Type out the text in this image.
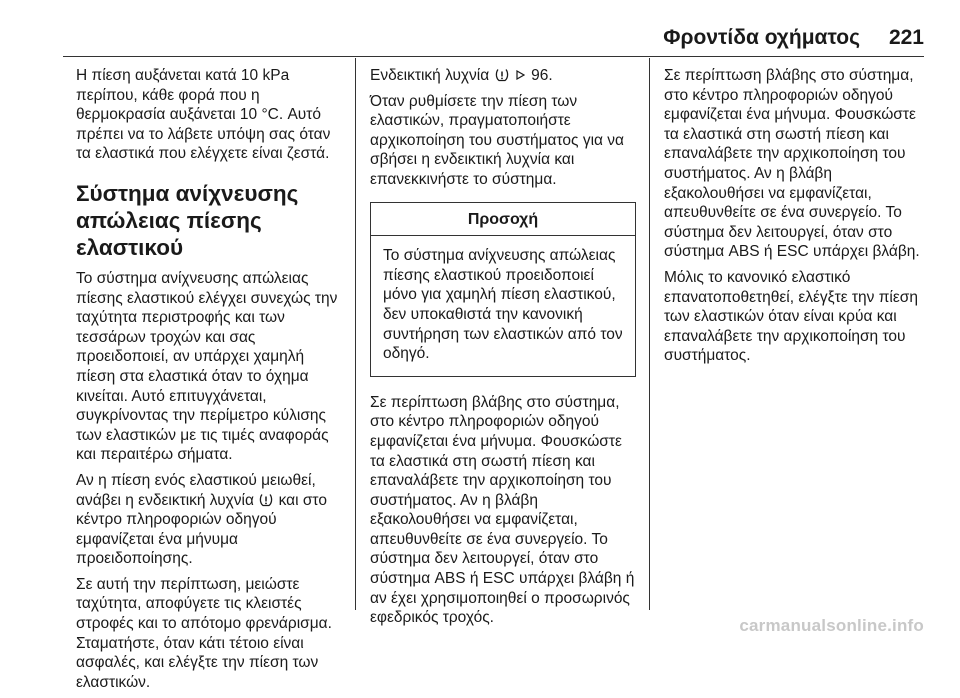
Φροντίδα οχήματος 221

Η πίεση αυξάνεται κατά 10 kPa περίπου, κάθε φορά που η θερμοκρασία αυξάνεται 10 °C. Αυτό πρέπει να το λάβετε υπόψη σας όταν τα ελαστικά που ελέγχετε είναι ζεστά.

Σύστημα ανίχνευσης απώλειας πίεσης ελαστικού

Το σύστημα ανίχνευσης απώλειας πίεσης ελαστικού ελέγχει συνεχώς την ταχύτητα περιστροφής και των τεσσάρων τροχών και σας προειδοποιεί, αν υπάρχει χαμηλή πίεση στα ελαστικά όταν το όχημα κινείται. Αυτό επιτυγχάνεται, συγκρίνοντας την περίμετρο κύλισης των ελαστικών με τις τιμές αναφοράς και περαιτέρω σήματα.

Αν η πίεση ενός ελαστικού μειωθεί, ανάβει η ενδεικτική λυχνία και στο κέντρο πληροφοριών οδηγού εμφανίζεται ένα μήνυμα προειδοποίησης.

Σε αυτή την περίπτωση, μειώστε ταχύτητα, αποφύγετε τις κλειστές στροφές και το απότομο φρενάρισμα. Σταματήστε, όταν κάτι τέτοιο είναι ασφαλές, και ελέγξτε την πίεση των ελαστικών.

Ενδεικτική λυχνία	96.

Όταν ρυθμίσετε την πίεση των ελαστικών, πραγματοποιήστε αρχικοποίηση του συστήματος για να σβήσει η ενδεικτική λυχνία και επανεκκινήστε το σύστημα.

Προσοχή
Το σύστημα ανίχνευσης απώλειας πίεσης ελαστικού προειδοποιεί μόνο για χαμηλή πίεση ελαστικού, δεν υποκαθιστά την κανονική συντήρηση των ελαστικών από τον οδηγό.

Σε περίπτωση βλάβης στο σύστημα, στο κέντρο πληροφοριών οδηγού εμφανίζεται ένα μήνυμα. Φουσκώστε τα ελαστικά στη σωστή πίεση και επαναλάβετε την αρχικοποίηση του συστήματος. Αν η βλάβη εξακολουθήσει να εμφανίζεται, απευθυνθείτε σε ένα συνεργείο. Το σύστημα δεν λειτουργεί, όταν στο σύστημα ABS ή ESC υπάρχει βλάβη ή αν έχει χρησιμοποιηθεί ο προσωρινός εφεδρικός τροχός.

Σε περίπτωση βλάβης στο σύστημα, στο κέντρο πληροφοριών οδηγού εμφανίζεται ένα μήνυμα. Φουσκώστε τα ελαστικά στη σωστή πίεση και επαναλάβετε την αρχικοποίηση του συστήματος. Αν η βλάβη εξακολουθήσει να εμφανίζεται, απευθυνθείτε σε ένα συνεργείο. Το σύστημα δεν λειτουργεί, όταν στο σύστημα ABS ή ESC υπάρχει βλάβη.

Μόλις το κανονικό ελαστικό επανατοποθετηθεί, ελέγξτε την πίεση των ελαστικών όταν είναι κρύα και επαναλάβετε την αρχικοποίηση του συστήματος.

carmanualsonline.info
